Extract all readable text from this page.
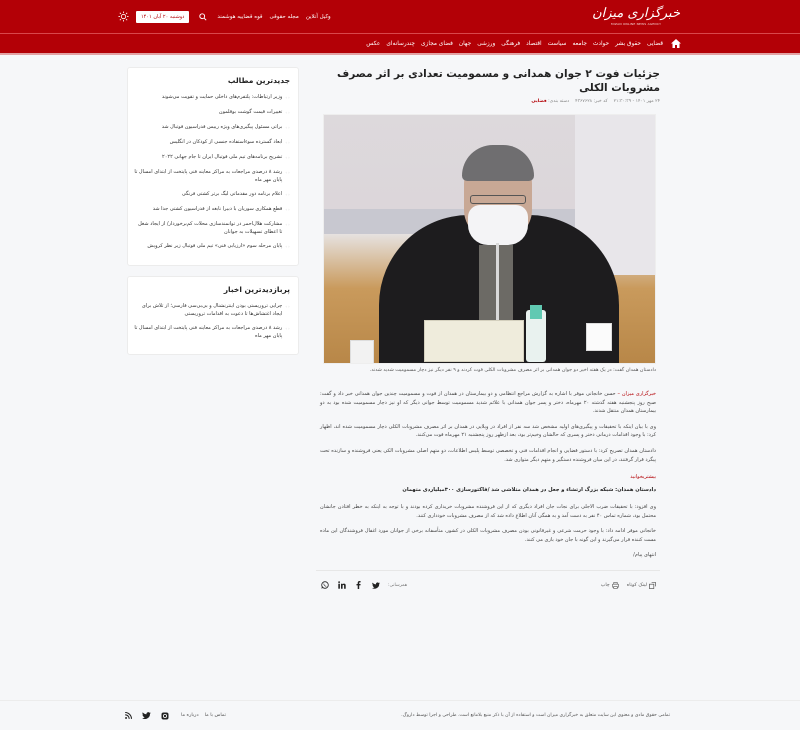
خبرگزاری میزان
MIZAN ONLINE NEWS AGENCY
وکیل آنلاین
مجله حقوقی
قوه قضاییه هوشمند
دوشنبه ۲۰ آبان ۱۴۰۱
قضایی
حقوق بشر
حوادث
جامعه
سیاست
اقتصاد
فرهنگی
ورزشی
جهان
فضای مجازی
چندرسانه‌ای
عکس
جزئیات فوت ۲ جوان همدانی و مسمومیت تعدادی بر اثر مصرف مشروبات الکلی
۲۴ مهر ۱۴۰۱ - ۲۱:۳۰:۳۹
کد خبر: ۴۳۶۷۶۲۸
دسته بندی: قضایی

دادستان همدان گفت: در یک هفته اخیر دو جوان همدانی بر اثر مصرف مشروبات الکلی فوت کردند و ۹ نفر دیگر نیز دچار مسمومیت شدید شدند.

خبرگزاری میزان – حسن خانجانی موفر با اشاره به گزارش مراجع انتظامی و دو بیمارستان در همدان از فوت و مسمومیت چندین جوان همدانی خبر داد و گفت: صبح روز پنجشنبه هفته گذشته ۲۰ مهرماه، دختر و پسر جوان همدانی با علائم شدید مسمومیت توسط جوانی دیگر که او نیز دچار مسمومیت شده بود به دو بیمارستان همدان منتقل شدند.

وی با بیان اینکه با تحقیقات و پیگیری‌های اولیه مشخص شد سه نفر از افراد در ویلایی در همدان بر اثر مصرف مشروبات الکلی دچار مسمومیت شده اند، اظهار کرد: با وجود اقدامات درمانی دختر و پسری که حالشان وخیم‌تر بود، بعد ازظهر روز پنجشنبه ۲۱ مهرماه فوت می‌کنند.

دادستان همدان تصریح کرد: با دستور قضایی و انجام اقدامات فنی و تخصصی توسط پلیس اطلاعات، دو متهم اصلی مشروبات الکی یعنی فروشنده و سازنده تحت پیگرد قرار گرفتند، در این میان فروشنده دستگیر و متهم دیگر متواری شد.

بیشتربخوانید
دادستان همدان: شبکه بزرگ ارتشاء و جعل در همدان متلاشی شد /فاکتورسازی ۳۰۰میلیاردی متهمان

وی افزود: با تحقیقات ضرب الاجلی برای نجات جان افراد دیگری که از این فروشنده مشروبات خریداری کرده بودند و با توجه به اینکه به خطر افتادن جانشان محتمل بود، شماره تماس ۴۰ نفر به دست آمد و به همگی آنان اطلاع داده شد که از مصرف مشروبات خودداری کنند.

خانجانی موفر ادامه داد: با وجود حرمت شرعی و غیرقانونی بودن مصرف مشروبات الکلی در کشور، متأسفانه برخی از جوانان مورد اغفال فروشندگان این ماده مست کننده قرار می‌گیرند و این گونه با جان خود بازی می کنند.

انتهای پیام/

لینک کوتاه
چاپ
همرسانی:
جدیدترین مطالب
◦◦
وزیر ارتباطات: پلتفرم‌های داخلی حمایت و تقویت می‌شوند
◦◦
تغییرات قیمت گوشت بوقلمون
◦◦
براتی مسئول پیگیری‌های ویژه رییس فدراسیون فوتبال شد
◦◦
ابعاد گسترده سوءاستفاده جنسی از کودکان در انگلیس
◦◦
تشریح برنامه‌های تیم ملی فوتبال ایران تا جام جهانی ۲۰۲۲
◦◦
رشد ۸ درصدی مراجعات به مراکز معاینه فنی پایتخت از ابتدای امسال تا پایان مهر ماه
◦◦
اعلام برنامه دور مقدماتی لیگ برتر کشتی فرنگی
◦◦
قطع همکاری سوریان با دبیرا نابغه از فدراسیون کشتی جدا شد
◦◦
مشارکت هلال‌احمر در توانمندسازی محلات کم‌برخوردار/ از ایجاد شغل تا اعطای تسهیلات به جوانان
◦◦
پایان مرحله سوم «ارزیابی فنی» تیم ملی فوتبال زیر نظر کرویش
پربازدیدترین اخبار
◦◦
چرایی تروریستی بودن اینترنشنال و بی‌بی‌سی فارسی؛ از تلاش برای ایجاد اغتشاش‌ها تا دعوت به اقدامات تروریستی
◦◦
رشد ۸ درصدی مراجعات به مراکز معاینه فنی پایتخت از ابتدای امسال تا پایان مهر ماه
تمامی حقوق مادی و معنوی این سایت متعلق به خبرگزاری میزان است و استفاده از آن با ذکر منبع بلامانع است. طراحی و اجرا توسط داروگ.
تماس با ما
درباره ما
